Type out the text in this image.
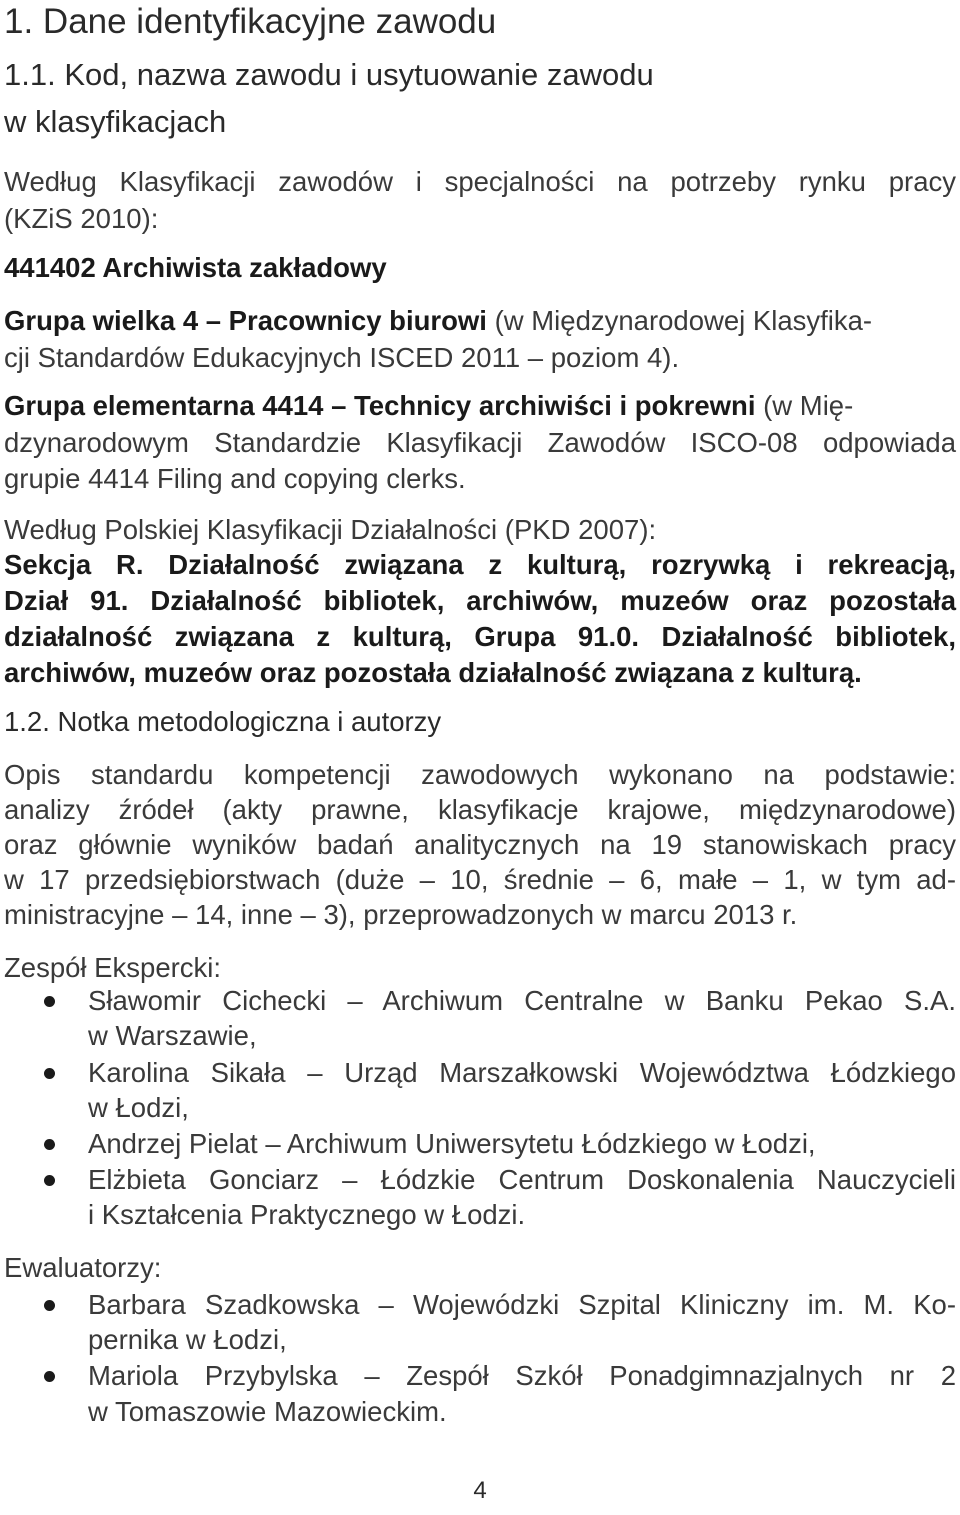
1. Dane identyfikacyjne zawodu
1.1. Kod, nazwa zawodu i usytuowanie zawodu
w klasyfikacjach
Według Klasyfikacji zawodów i specjalności na potrzeby rynku pracy
(KZiS 2010):
441402 Archiwista zakładowy
Grupa wielka 4 – Pracownicy biurowi (w Międzynarodowej Klasyfika-
cji Standardów Edukacyjnych ISCED 2011 – poziom 4).
Grupa elementarna 4414 – Technicy archiwiści i pokrewni (w Mię-
dzynarodowym Standardzie Klasyfikacji Zawodów ISCO-08 odpowiada
grupie 4414 Filing and copying clerks.
Według Polskiej Klasyfikacji Działalności (PKD 2007):
Sekcja R. Działalność związana z kulturą, rozrywką i rekreacją,
Dział 91. Działalność bibliotek, archiwów, muzeów oraz pozostała
działalność związana z kulturą, Grupa 91.0. Działalność bibliotek,
archiwów, muzeów oraz pozostała działalność związana z kulturą.
1.2. Notka metodologiczna i autorzy
Opis standardu kompetencji zawodowych wykonano na podstawie:
analizy źródeł (akty prawne, klasyfikacje krajowe, międzynarodowe)
oraz głównie wyników badań analitycznych na 19 stanowiskach pracy
w 17 przedsiębiorstwach (duże – 10, średnie – 6, małe – 1, w tym ad-
ministracyjne – 14, inne – 3), przeprowadzonych w marcu 2013 r.
Zespół Ekspercki:
Sławomir Cichecki – Archiwum Centralne w Banku Pekao S.A.
w Warszawie,
Karolina Sikała – Urząd Marszałkowski Województwa Łódzkiego
w Łodzi,
Andrzej Pielat – Archiwum Uniwersytetu Łódzkiego w Łodzi,
Elżbieta Gonciarz – Łódzkie Centrum Doskonalenia Nauczycieli
i Kształcenia Praktycznego w Łodzi.
Ewaluatorzy:
Barbara Szadkowska – Wojewódzki Szpital Kliniczny im. M. Ko-
pernika w Łodzi,
Mariola Przybylska – Zespół Szkół Ponadgimnazjalnych nr 2
w Tomaszowie Mazowieckim.
4
